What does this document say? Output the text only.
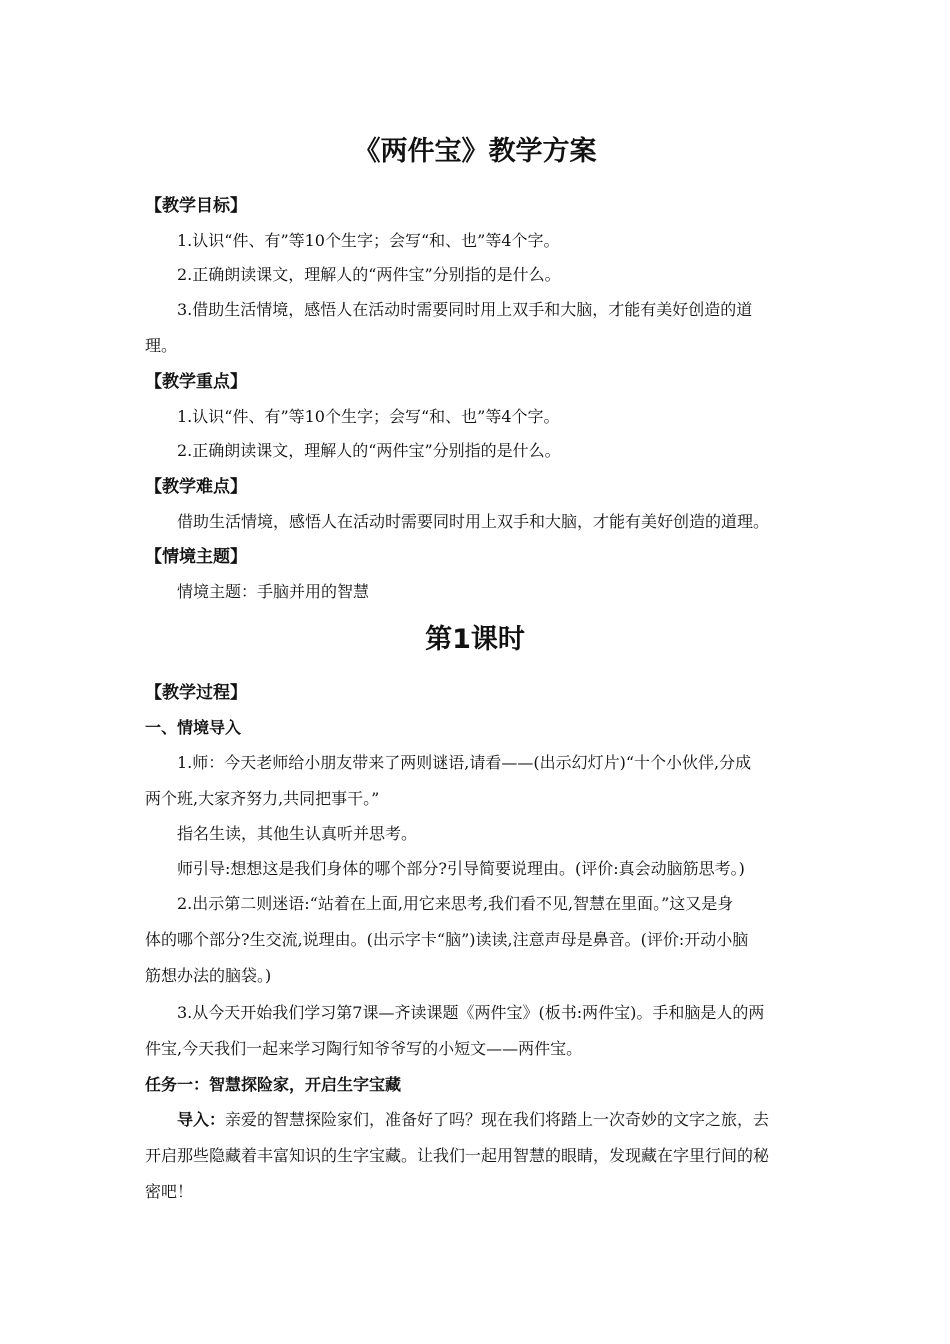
《两件宝》教学方案
【教学目标】
1.认识“件、有”等10个生字；会写“和、也”等4个字。
2.正确朗读课文，理解人的“两件宝”分别指的是什么。
3.借助生活情境，感悟人在活动时需要同时用上双手和大脑，才能有美好创造的道
理。
【教学重点】
1.认识“件、有”等10个生字；会写“和、也”等4个字。
2.正确朗读课文，理解人的“两件宝”分别指的是什么。
【教学难点】
借助生活情境，感悟人在活动时需要同时用上双手和大脑，才能有美好创造的道理。
【情境主题】
情境主题：手脑并用的智慧
第1课时
【教学过程】
一、情境导入
1.师：今天老师给小朋友带来了两则谜语,请看——(出示幻灯片)“十个小伙伴,分成
两个班,大家齐努力,共同把事干。”
指名生读，其他生认真听并思考。
师引导:想想这是我们身体的哪个部分?引导简要说理由。(评价:真会动脑筋思考。)
2.出示第二则迷语:“站着在上面,用它来思考,我们看不见,智慧在里面。”这又是身
体的哪个部分?生交流,说理由。(出示字卡“脑”)读读,注意声母是鼻音。(评价:开动小脑
筋想办法的脑袋。)
3.从今天开始我们学习第7课—齐读课题《两件宝》(板书:两件宝)。手和脑是人的两
件宝,今天我们一起来学习陶行知爷爷写的小短文——两件宝。
任务一：智慧探险家，开启生字宝藏
导入：亲爱的智慧探险家们，准备好了吗？现在我们将踏上一次奇妙的文字之旅，去
开启那些隐藏着丰富知识的生字宝藏。让我们一起用智慧的眼睛，发现藏在字里行间的秘
密吧！
